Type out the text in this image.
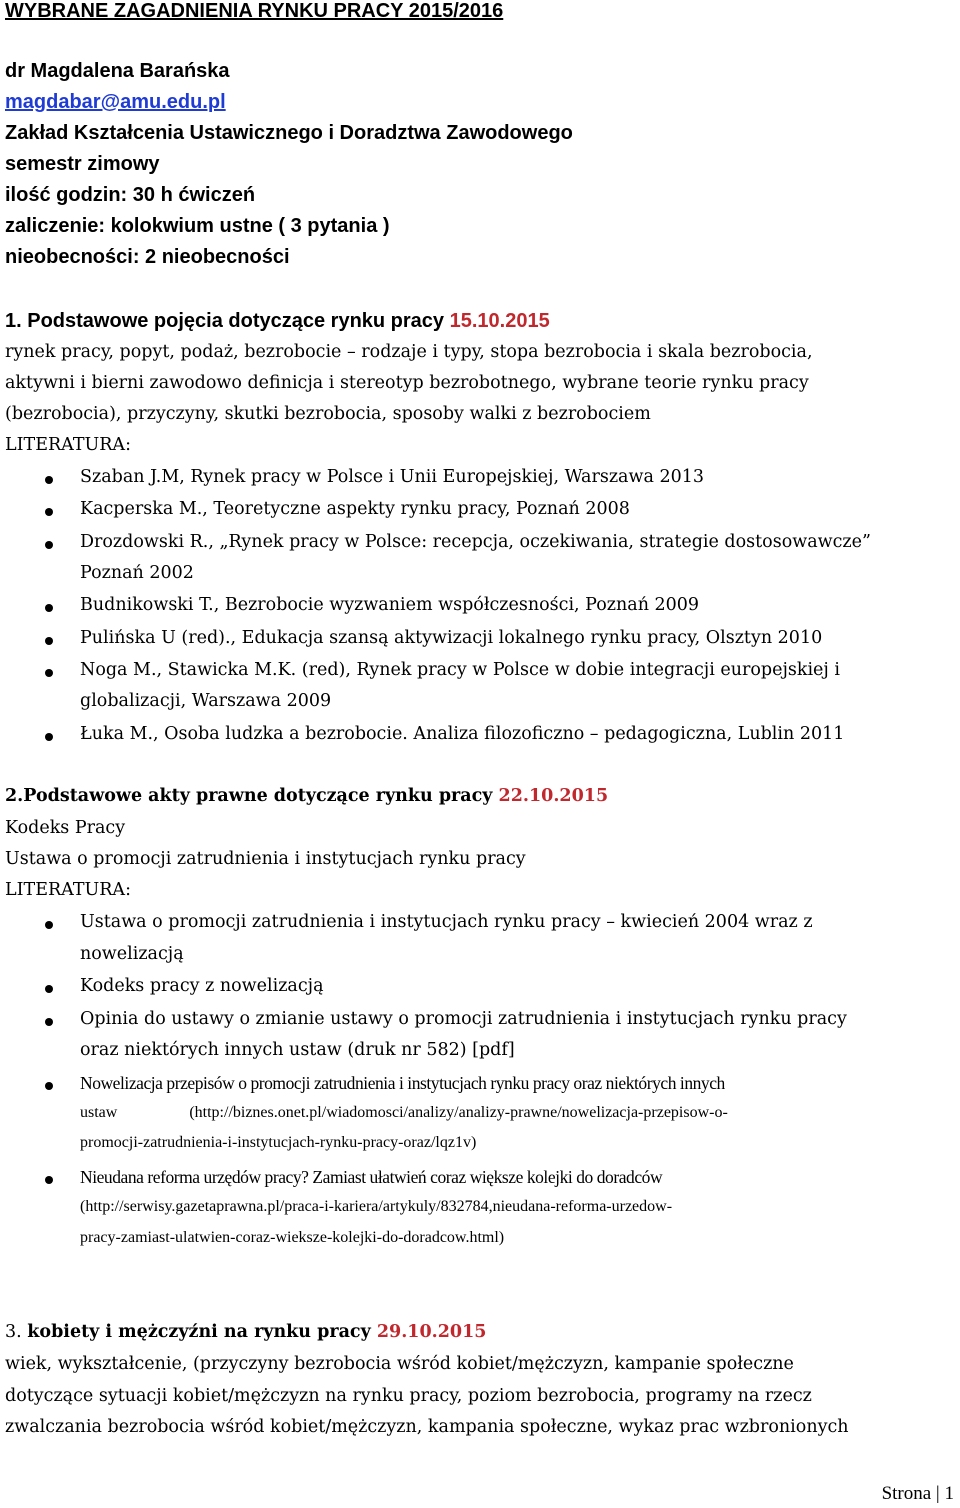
WYBRANE ZAGADNIENIA RYNKU PRACY 2015/2016
dr Magdalena Barańska
magdabar@amu.edu.pl
Zakład Kształcenia Ustawicznego i Doradztwa Zawodowego
semestr zimowy
ilość godzin: 30 h ćwiczeń
zaliczenie: kolokwium ustne ( 3 pytania )
nieobecności: 2 nieobecności
1. Podstawowe pojęcia dotyczące rynku pracy 15.10.2015
rynek pracy, popyt, podaż, bezrobocie – rodzaje i typy, stopa bezrobocia i skala bezrobocia,
aktywni i bierni zawodowo definicja i stereotyp bezrobotnego, wybrane teorie rynku pracy
(bezrobocia), przyczyny, skutki bezrobocia, sposoby walki z bezrobociem
LITERATURA:
Szaban J.M, Rynek pracy w Polsce i Unii Europejskiej, Warszawa 2013
Kacperska M., Teoretyczne aspekty rynku pracy, Poznań 2008
Drozdowski R., „Rynek pracy w Polsce: recepcja, oczekiwania, strategie dostosowawcze”
Poznań 2002
Budnikowski T., Bezrobocie wyzwaniem współczesności, Poznań 2009
Pulińska U (red)., Edukacja szansą aktywizacji lokalnego rynku pracy, Olsztyn 2010
Noga M., Stawicka M.K. (red), Rynek pracy w Polsce w dobie integracji europejskiej i
globalizacji, Warszawa 2009
Łuka M., Osoba ludzka a bezrobocie. Analiza filozoficzno – pedagogiczna, Lublin 2011
2.Podstawowe akty prawne dotyczące rynku pracy 22.10.2015
Kodeks Pracy
Ustawa o promocji zatrudnienia i instytucjach rynku pracy
LITERATURA:
Ustawa o promocji zatrudnienia i instytucjach rynku pracy – kwiecień 2004 wraz z
nowelizacją
Kodeks pracy z nowelizacją
Opinia do ustawy o zmianie ustawy o promocji zatrudnienia i instytucjach rynku pracy
oraz niektórych innych ustaw (druk nr 582) [pdf]
Nowelizacja przepisów o promocji zatrudnienia i instytucjach rynku pracy oraz niektórych innych
ustaw	(http://biznes.onet.pl/wiadomosci/analizy/analizy-prawne/nowelizacja-przepisow-o-
promocji-zatrudnienia-i-instytucjach-rynku-pracy-oraz/lqz1v)
Nieudana reforma urzędów pracy? Zamiast ułatwień coraz większe kolejki do doradców
(http://serwisy.gazetaprawna.pl/praca-i-kariera/artykuly/832784,nieudana-reforma-urzedow-
pracy-zamiast-ulatwien-coraz-wieksze-kolejki-do-doradcow.html)
3. kobiety i mężczyźni na rynku pracy 29.10.2015
wiek, wykształcenie, (przyczyny bezrobocia wśród kobiet/mężczyzn, kampanie społeczne
dotyczące sytuacji kobiet/mężczyzn na rynku pracy, poziom bezrobocia, programy na rzecz
zwalczania bezrobocia wśród kobiet/mężczyzn, kampania społeczne, wykaz prac wzbronionych
Strona | 1
